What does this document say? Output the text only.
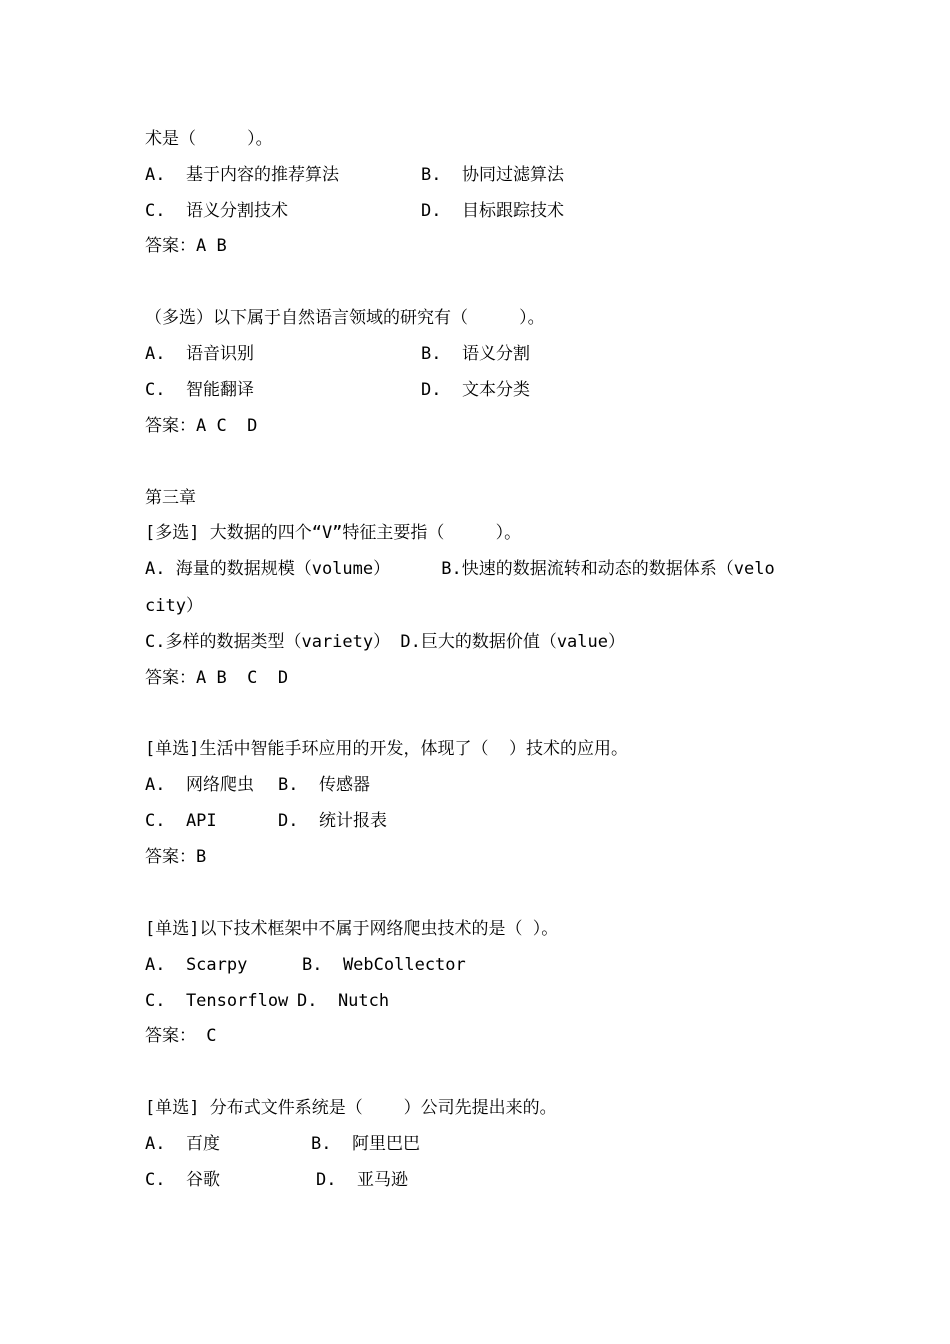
术是（     ）。
A.  基于内容的推荐算法	B.  协同过滤算法
C.  语义分割技术	D.  目标跟踪技术
答案：A B
（多选）以下属于自然语言领域的研究有（     ）。
A.  语音识别	B.  语义分割
C.  智能翻译	D.  文本分类
答案：A C  D
第三章
[多选] 大数据的四个“V”特征主要指（     ）。
A. 海量的数据规模（volume）     B.快速的数据流转和动态的数据体系（velo
city）
C.多样的数据类型（variety） D.巨大的数据价值（value）
答案：A B  C  D
[单选]生活中智能手环应用的开发，体现了（  ）技术的应用。
A.  网络爬虫 B.  传感器
C.  API	D.  统计报表
答案：B
[单选]以下技术框架中不属于网络爬虫技术的是（ ）。
A.  Scarpy	B.  WebCollector
C.  Tensorflow D.  Nutch
答案： C
[单选] 分布式文件系统是（    ）公司先提出来的。
A.  百度	B.  阿里巴巴
C.  谷歌	D.  亚马逊
